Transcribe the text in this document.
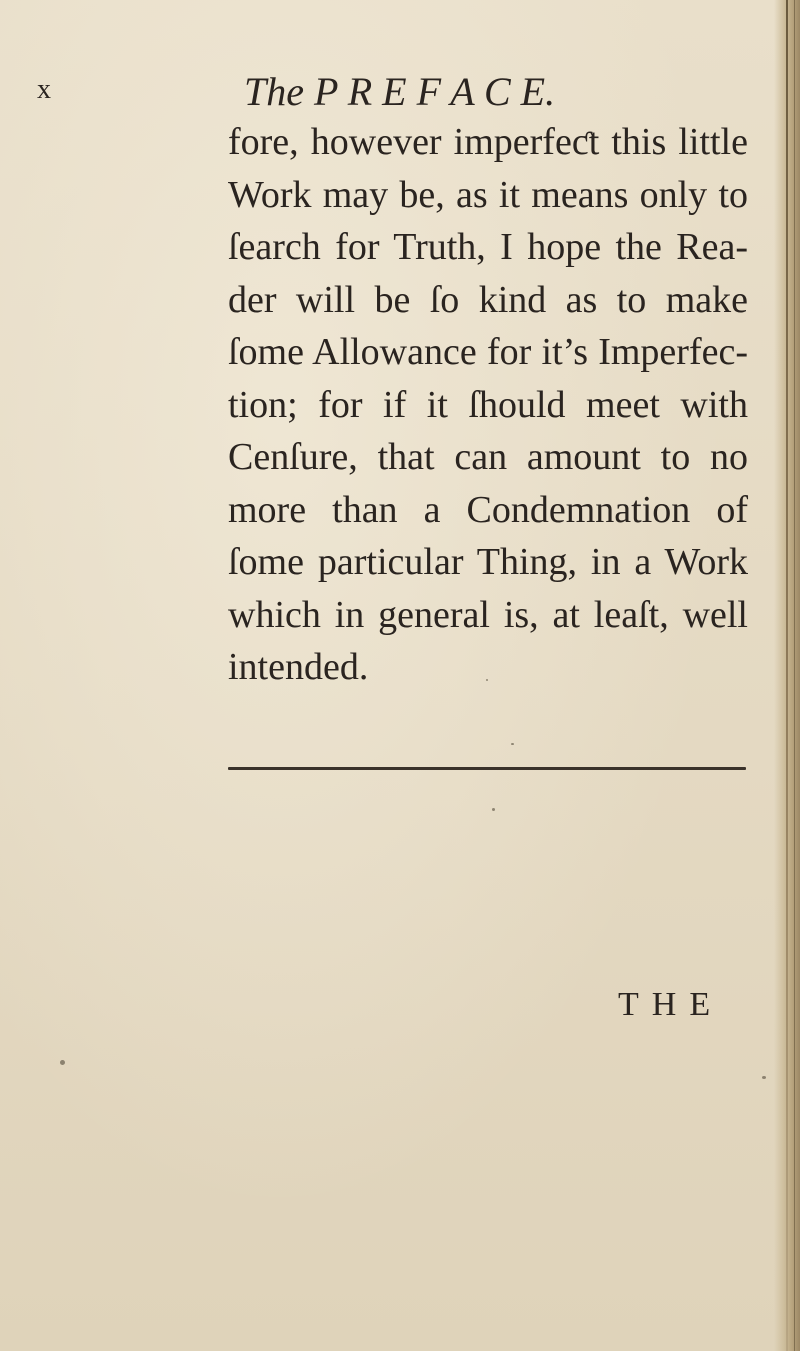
x	The P R E F A C E.
fore, however imperfeƈt this little
Work may be, as it means only to
ſearch for Truth, I hope the Rea-
der will be ſo kind as to make
ſome Allowance for it’s Imperfec-
tion; for if it ſhould meet with
Cenſure, that can amount to no
more than a Condemnation of
ſome particular Thing, in a Work
which in general is, at leaſt, well
intended.
THE
